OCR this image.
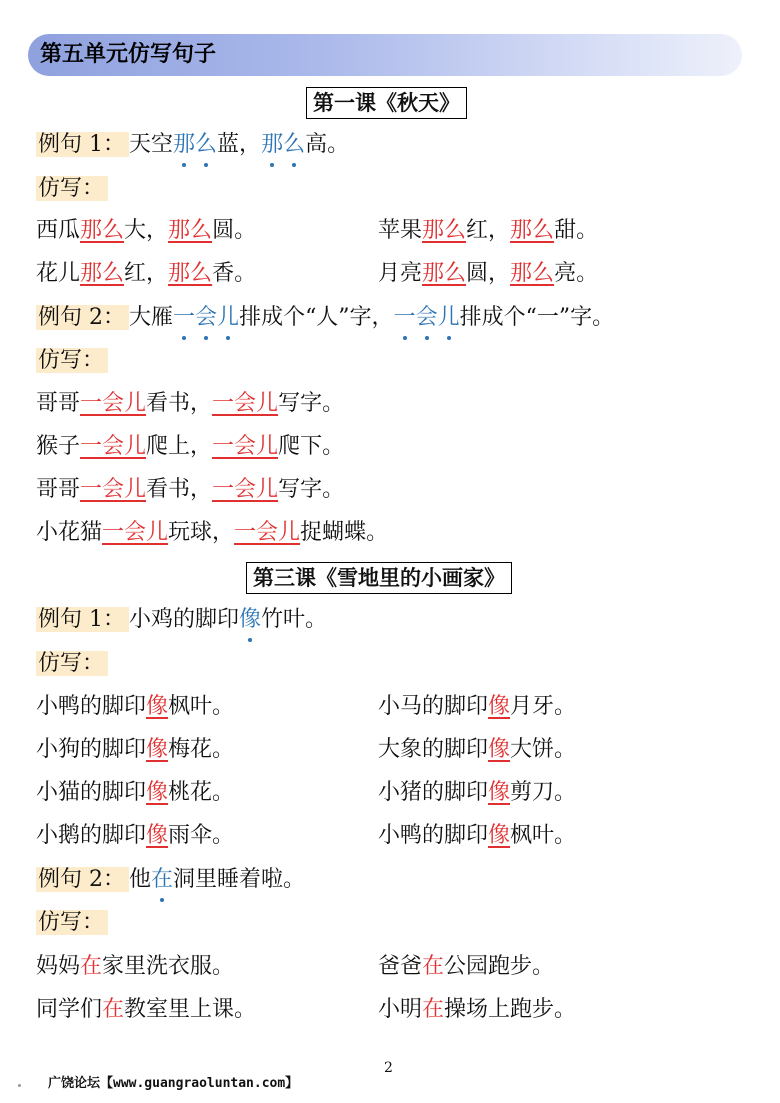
第五单元仿写句子
第一课《秋天》
例句 1： 天空那么蓝，那么高。
仿写：
西瓜那么大，那么圆。	苹果那么红，那么甜。
花儿那么红，那么香。	月亮那么圆，那么亮。
例句 2： 大雁一会儿排成个“人”字，一会儿排成个“一”字。
仿写：
哥哥一会儿看书，一会儿写字。
猴子一会儿爬上，一会儿爬下。
哥哥一会儿看书，一会儿写字。
小花猫一会儿玩球，一会儿捉蝴蝶。
第三课《雪地里的小画家》
例句 1： 小鸡的脚印像竹叶。
仿写：
小鸭的脚印像枫叶。	小马的脚印像月牙。
小狗的脚印像梅花。	大象的脚印像大饼。
小猫的脚印像桃花。	小猪的脚印像剪刀。
小鹅的脚印像雨伞。	小鸭的脚印像枫叶。
例句 2： 他在洞里睡着啦。
仿写：
妈妈在家里洗衣服。	爸爸在公园跑步。
同学们在教室里上课。	小明在操场上跑步。
2
广饶论坛【www.guangraoluntan.com】
